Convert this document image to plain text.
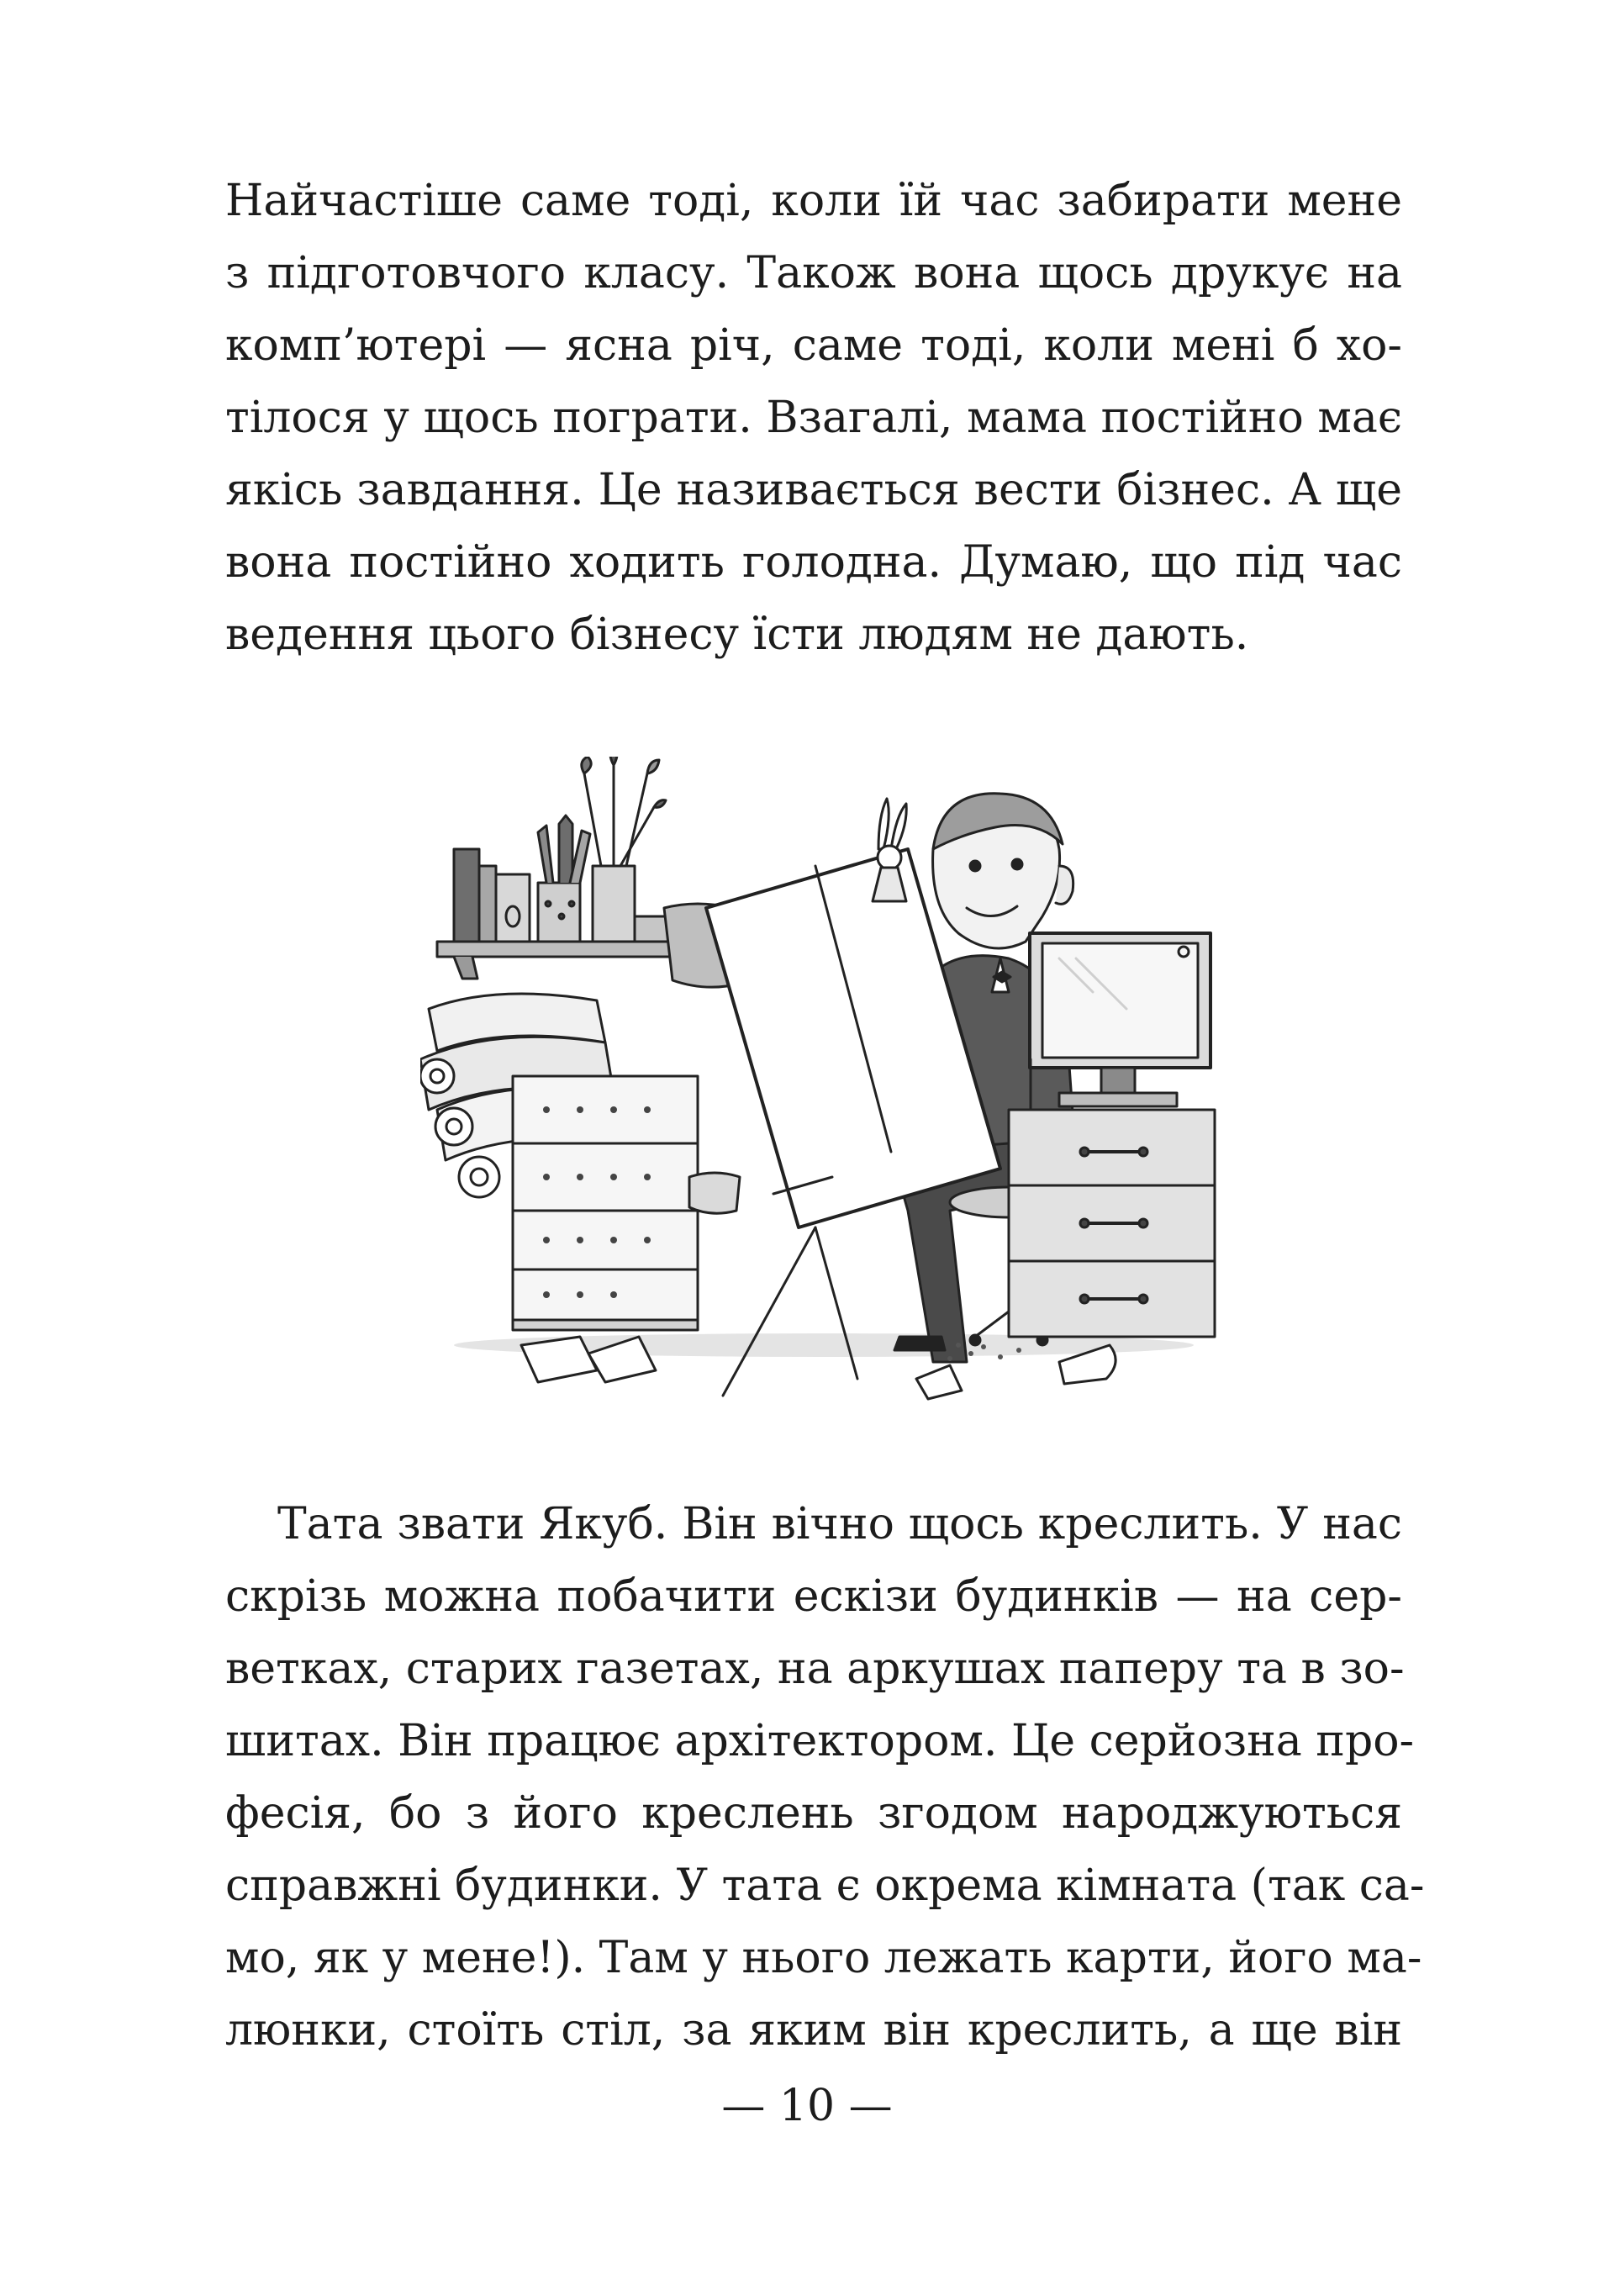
Найчастіше саме тоді, коли їй час забирати мене
з підготовчого класу. Також вона щось друкує на
комп’ютері — ясна річ, саме тоді, коли мені б хо-
тілося у щось пограти. Взагалі, мама постійно має
якісь завдання. Це називається вести бізнес. А ще
вона постійно ходить голодна. Думаю, що під час
ведення цього бізнесу їсти людям не дають.
Тата звати Якуб. Він вічно щось креслить. У нас
скрізь можна побачити ескізи будинків — на сер-
ветках, старих газетах, на аркушах паперу та в зо-
шитах. Він працює архітектором. Це серйозна про-
фесія, бо з його креслень згодом народжуються
справжні будинки. У тата є окрема кімната (так са-
мо, як у мене!). Там у нього лежать карти, його ма-
люнки, стоїть стіл, за яким він креслить, а ще він
— 10 —
